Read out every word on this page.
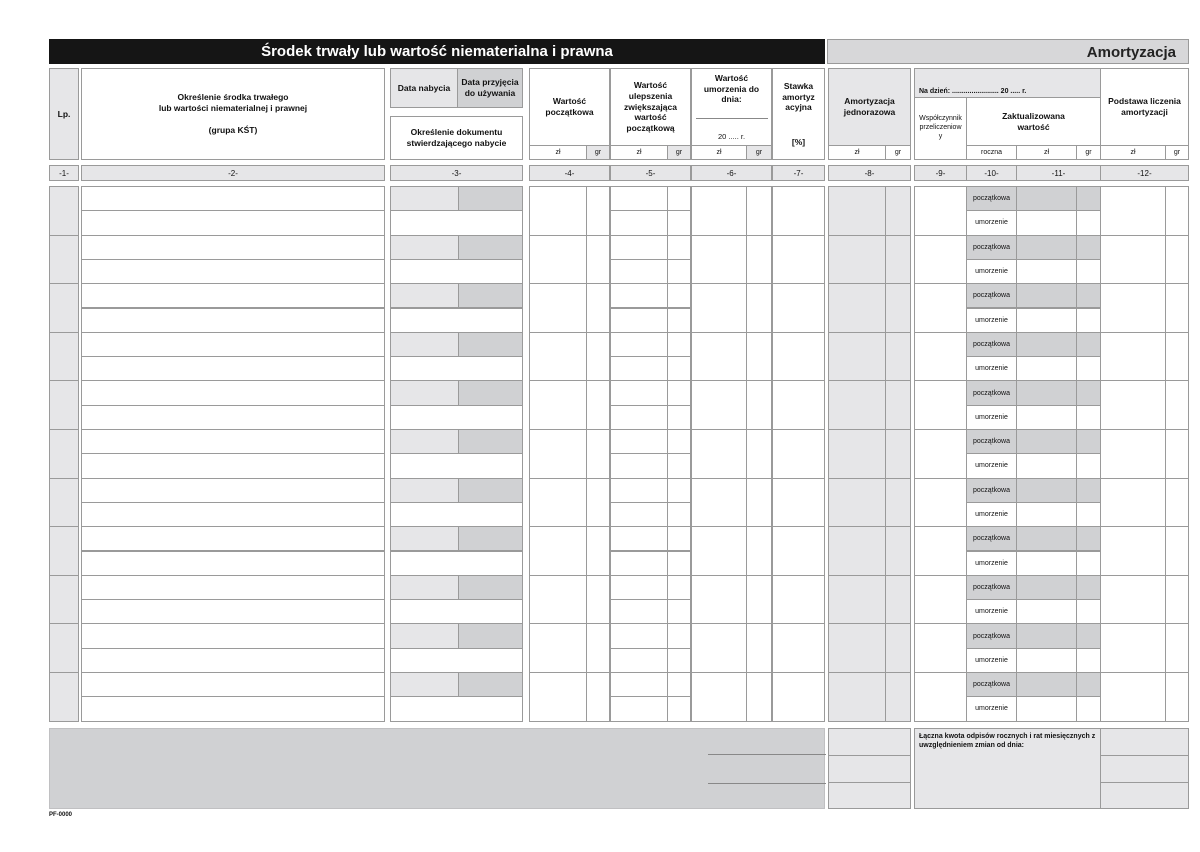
Środek trwały lub wartość niematerialna i prawna	Amortyzacja
Lp.
Określenie środka trwałego
lub wartości niematerialnej i prawnej
(grupa KŚT)
Data nabycia
Data przyjęcia do używania
Określenie dokumentu stwierdzającego nabycie
Wartość początkowa
zł	gr
Wartość ulepszenia zwiększająca wartość początkową
zł	gr
Wartość umorzenia do dnia:
20 ..... r.
zł	gr
Stawka amortyzacyjna
[%]
Amortyzacja jednorazowa
zł	gr
Na dzień: ........................ 20 ..... r.
Współczynnik przeliczeniowy
Zaktualizowana wartość
roczna	zł	gr
Podstawa liczenia amortyzacji
zł	gr
-1-	-2-	-3-	-4-	-5-	-6-	-7-	-8-	-9-	-10-	-11-	-12-
początkowa
umorzenie
początkowa
umorzenie
początkowa
umorzenie
początkowa
umorzenie
początkowa
umorzenie
początkowa
umorzenie
początkowa
umorzenie
początkowa
umorzenie
początkowa
umorzenie
początkowa
umorzenie
początkowa
umorzenie
Łączna kwota odpisów rocznych i rat miesięcznych z uwzględnieniem zmian od dnia:
PF-0000
